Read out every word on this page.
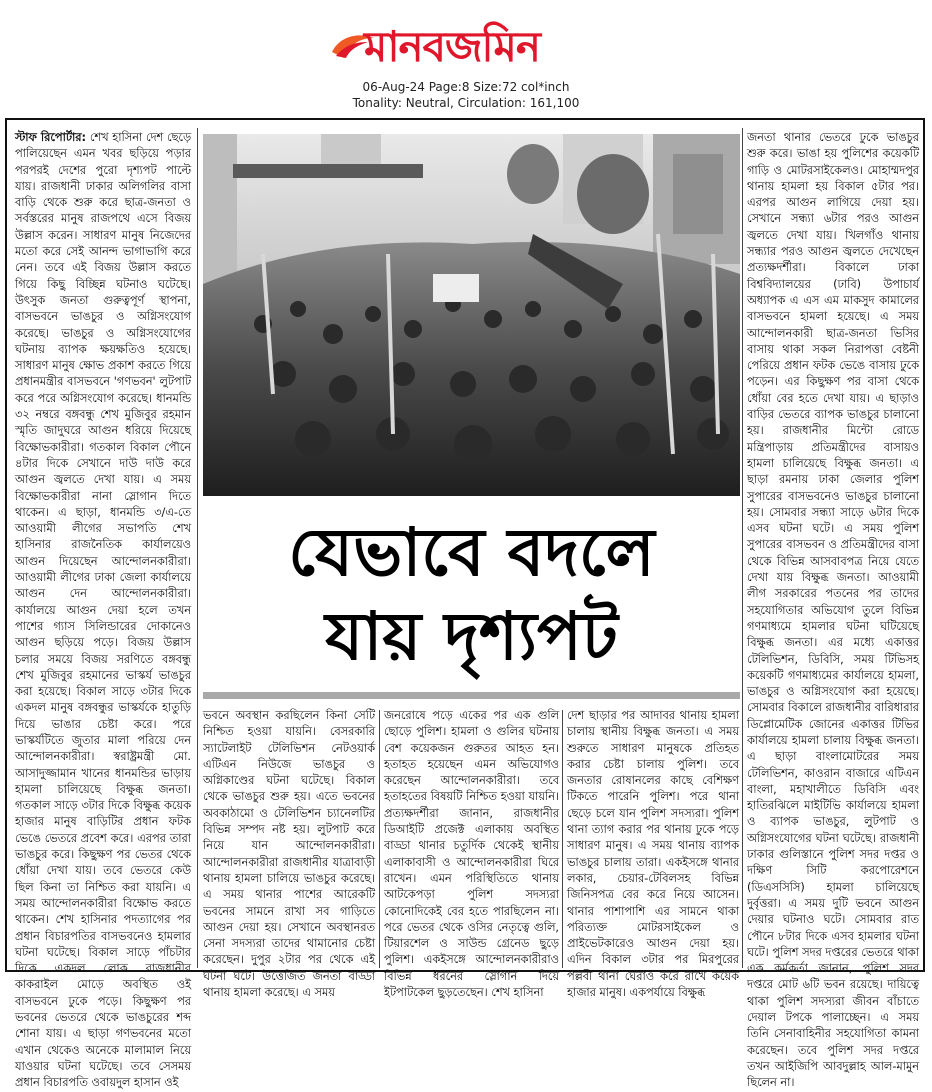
মানবজমিন
06-Aug-24 Page:8 Size:72 col*inch
Tonality: Neutral, Circulation: 161,100
স্টাফ রিপোর্টার: শেখ হাসিনা দেশ ছেড়ে পালিয়েছেন এমন খবর ছড়িয়ে পড়ার পরপরই দেশের পুরো দৃশ্যপট পাল্টে যায়। রাজধানী ঢাকার অলিগলির বাসা বাড়ি থেকে শুরু করে ছাত্র-জনতা ও সর্বস্তরের মানুষ রাজপথে এসে বিজয় উল্লাস করেন। সাধারণ মানুষ নিজেদের মতো করে সেই আনন্দ ভাগাভাগি করে নেন। তবে এই বিজয় উল্লাস করতে গিয়ে কিছু বিচ্ছিন্ন ঘটনাও ঘটেছে। উৎসুক জনতা গুরুত্বপূর্ণ স্থাপনা, বাসভবনে ভাঙচুর ও অগ্নিসংযোগ করেছে। ভাঙচুর ও অগ্নিসংযোগের ঘটনায় ব্যাপক ক্ষয়ক্ষতিও হয়েছে। সাধারণ মানুষ ক্ষোভ প্রকাশ করতে গিয়ে প্রধানমন্ত্রীর বাসভবনে 'গণভবন' লুটপাট করে পরে অগ্নিসংযোগ করেছে। ধানমন্ডি ৩২ নম্বরে বঙ্গবন্ধু শেখ মুজিবুর রহমান স্মৃতি জাদুঘরে আগুন ধরিয়ে দিয়েছে বিক্ষোভকারীরা। গতকাল বিকাল পৌনে ৪টার দিকে সেখানে দাউ দাউ করে আগুন জ্বলতে দেখা যায়। এ সময় বিক্ষোভকারীরা নানা স্লোগান দিতে থাকেন। এ ছাড়া, ধানমন্ডি ৩/এ-তে আওয়ামী লীগের সভাপতি শেখ হাসিনার রাজনৈতিক কার্যালয়েও আগুন দিয়েছেন আন্দোলনকারীরা। আওয়ামী লীগের ঢাকা জেলা কার্যালয়ে আগুন দেন আন্দোলনকারীরা। কার্যালয়ে আগুন দেয়া হলে তখন পাশের গ্যাস সিলিন্ডারের দোকানেও আগুন ছড়িয়ে পড়ে। বিজয় উল্লাস চলার সময়ে বিজয় সরণিতে বঙ্গবন্ধু শেখ মুজিবুর রহমানের ভাস্কর্য ভাঙচুর করা হয়েছে। বিকাল সাড়ে ৩টার দিকে একদল মানুষ বঙ্গবন্ধুর ভাস্কর্যকে হাতুড়ি দিয়ে ভাঙার চেষ্টা করে। পরে ভাস্কর্যটিতে জুতার মালা পরিয়ে দেন আন্দোলনকারীরা। স্বরাষ্ট্রমন্ত্রী মো. আসাদুজ্জামান খানের ধানমন্ডির ভাড়ায় হামলা চালিয়েছে বিক্ষুব্ধ জনতা। গতকাল সাড়ে ৩টার দিকে বিক্ষুব্ধ কয়েক হাজার মানুষ বাড়িটির প্রধান ফটক ভেঙে ভেতরে প্রবেশ করে। এরপর তারা ভাঙচুর করে। কিছুক্ষণ পর ভেতর থেকে ধোঁয়া দেখা যায়। তবে ভেতরে কেউ ছিল কিনা তা নিশ্চিত করা যায়নি। এ সময় আন্দোলনকারীরা বিক্ষোভ করতে থাকেন। শেখ হাসিনার পদত্যাগের পর প্রধান বিচারপতির বাসভবনেও হামলার ঘটনা ঘটেছে। বিকাল সাড়ে পাঁচটার দিকে একদল লোক রাজধানীর কাকরাইল মোড়ে অবস্থিত ওই বাসভবনে ঢুকে পড়ে। কিছুক্ষণ পর ভবনের ভেতরে থেকে ভাঙচুরের শব্দ শোনা যায়। এ ছাড়া গণভবনের মতো এখান থেকেও অনেকে মালামাল নিয়ে যাওয়ার ঘটনা ঘটেছে। তবে সেসময় প্রধান বিচারপতি ওবায়দুল হাসান ওই
যেভাবে বদলে
যায় দৃশ্যপট
ভবনে অবস্থান করছিলেন কিনা সেটি নিশ্চিত হওয়া যায়নি। বেসরকারি স্যাটেলাইট টেলিভিশন নেটওয়ার্ক এটিএন নিউজে ভাঙচুর ও অগ্নিকাণ্ডের ঘটনা ঘটেছে। বিকাল থেকে ভাঙচুর শুরু হয়। এতে ভবনের অবকাঠামো ও টেলিভিশন চ্যানেলটির বিভিন্ন সম্পদ নষ্ট হয়। লুটপাট করে নিয়ে যান আন্দোলনকারীরা। আন্দোলনকারীরা রাজধানীর যাত্রাবাড়ী থানায় হামলা চালিয়ে ভাঙচুর করেছে। এ সময় থানার পাশের আরেকটি ভবনের সামনে রাখা সব গাড়িতে আগুন দেয়া হয়। সেখানে অবস্থানরত সেনা সদস্যরা তাদের থামানোর চেষ্টা করেছেন। দুপুর ২টার পর থেকে এই ঘটনা ঘটে। উত্তেজিত জনতা বাড্ডা থানায় হামলা করেছে। এ সময়
জনরোষে পড়ে একের পর এক গুলি ছোড়ে পুলিশ। হামলা ও গুলির ঘটনায় বেশ কয়েকজন গুরুতর আহত হন। হতাহত হয়েছেন এমন অভিযোগও করেছেন আন্দোলনকারীরা। তবে হতাহতের বিষয়টি নিশ্চিত হওয়া যায়নি। প্রত্যক্ষদর্শীরা জানান, রাজধানীর ডিআইটি প্রজেক্ট এলাকায় অবস্থিত বাড্ডা থানার চতুর্দিক থেকেই স্থানীয় এলাকাবাসী ও আন্দোলনকারীরা ঘিরে রাখেন। এমন পরিস্থিতিতে থানায় আটকেপড়া পুলিশ সদস্যরা কোনোদিকেই বের হতে পারছিলেন না। পরে ভেতর থেকে ওসির নেতৃত্বে গুলি, টিয়ারশেল ও সাউন্ড গ্রেনেড ছুড়ে পুলিশ। একইসঙ্গে আন্দোলনকারীরাও বিভিন্ন ধরনের স্লোগান দিয়ে ইটপাটকেল ছুড়তেছেন। শেখ হাসিনা
দেশ ছাড়ার পর আদাবর থানায় হামলা চালায় স্থানীয় বিক্ষুব্ধ জনতা। এ সময় শুরুতে সাধারণ মানুষকে প্রতিহত করার চেষ্টা চালায় পুলিশ। তবে জনতার রোষানলের কাছে বেশিক্ষণ টিকতে পারেনি পুলিশ। পরে থানা ছেড়ে চলে যান পুলিশ সদস্যরা। পুলিশ থানা ত্যাগ করার পর থানায় ঢুকে পড়ে সাধারণ মানুষ। এ সময় থানায় ব্যাপক ভাঙচুর চালায় তারা। একইসঙ্গে থানার লকার, চেয়ার-টেবিলসহ বিভিন্ন জিনিসপত্র বের করে নিয়ে আসেন। থানার পাশাপাশি এর সামনে থাকা পরিত্যক্ত মোটরসাইকেল ও প্রাইভেটকারেও আগুন দেয়া হয়। এদিন বিকাল ৩টার পর মিরপুরের পল্লবী থানা ঘেরাও করে রাখে কয়েক হাজার মানুষ। একপর্যায়ে বিক্ষুব্ধ
জনতা থানার ভেতরে ঢুকে ভাঙচুর শুরু করে। ভাঙা হয় পুলিশের কয়েকটি গাড়ি ও মোটরসাইকেলও। মোহাম্মদপুর থানায় হামলা হয় বিকাল ৫টার পর। এরপর আগুন লাগিয়ে দেয়া হয়। সেখানে সন্ধ্যা ৬টার পরও আগুন জ্বলতে দেখা যায়। খিলগাঁও থানায় সন্ধ্যার পরও আগুন জ্বলতে দেখেছেন প্রত্যক্ষদর্শীরা। বিকালে ঢাকা বিশ্ববিদ্যালয়ের (ঢাবি) উপাচার্য অধ্যাপক এ এস এম মাকসুদ কামালের বাসভবনে হামলা হয়েছে। এ সময় আন্দোলনকারী ছাত্র-জনতা ভিসির বাসায় থাকা সকল নিরাপত্তা বেষ্টনী পেরিয়ে প্রধান ফটক ভেঙে বাসায় ঢুকে পড়েন। এর কিছুক্ষণ পর বাসা থেকে ধোঁয়া বের হতে দেখা যায়। এ ছাড়াও বাড়ির ভেতরে ব্যাপক ভাঙচুর চালানো হয়। রাজধানীর মিন্টো রোডে মন্ত্রিপাড়ায় প্রতিমন্ত্রীদের বাসায়ও হামলা চালিয়েছে বিক্ষুব্ধ জনতা। এ ছাড়া রমনায় ঢাকা জেলার পুলিশ সুপারের বাসভবনেও ভাঙচুর চালানো হয়। সোমবার সন্ধ্যা সাড়ে ৬টার দিকে এসব ঘটনা ঘটে। এ সময় পুলিশ সুপারের বাসভবন ও প্রতিমন্ত্রীদের বাসা থেকে বিভিন্ন আসবাবপত্র নিয়ে যেতে দেখা যায় বিক্ষুব্ধ জনতা। আওয়ামী লীগ সরকারের পতনের পর তাদের সহযোগিতার অভিযোগ তুলে বিভিন্ন গণমাধ্যমে হামলার ঘটনা ঘটিয়েছে বিক্ষুব্ধ জনতা। এর মধ্যে একাত্তর টেলিভিশন, ডিবিসি, সময় টিভিসহ কয়েকটি গণমাধ্যমের কার্যালয়ে হামলা, ভাঙচুর ও অগ্নিসংযোগ করা হয়েছে। সোমবার বিকালে রাজধানীর বারিধারার ডিপ্লোমেটিক জোনের একাত্তর টিভির কার্যালয়ে হামলা চালায় বিক্ষুব্ধ জনতা। এ ছাড়া বাংলামোটরের সময় টেলিভিশন, কাওরান বাজারে এটিএন বাংলা, মহাখালীতে ডিবিসি এবং হাতিরঝিলে মাইটিভি কার্যালয়ে হামলা ও ব্যাপক ভাঙচুর, লুটপাট ও অগ্নিসংযোগের ঘটনা ঘটেছে। রাজধানী ঢাকার গুলিস্তানে পুলিশ সদর দপ্তর ও দক্ষিণ সিটি করপোরেশনে (ডিএসসিসি) হামলা চালিয়েছে দুর্বৃত্তরা। এ সময় দুটি ভবনে আগুন দেয়ার ঘটনাও ঘটে। সোমবার রাত পৌনে ৮টার দিকে এসব হামলার ঘটনা ঘটে। পুলিশ সদর দপ্তরের ভেতরে থাকা এক কর্মকর্তা জানান, পুলিশ সদর দপ্তরে মোট ৬টি ভবন রয়েছে। দায়িত্বে থাকা পুলিশ সদস্যরা জীবন বাঁচাতে দেয়াল টপকে পালাচ্ছেন। এ সময় তিনি সেনাবাহিনীর সহযোগিতা কামনা করেছেন। তবে পুলিশ সদর দপ্তরে তখন আইজিপি আবদুল্লাহ আল-মামুন ছিলেন না।
